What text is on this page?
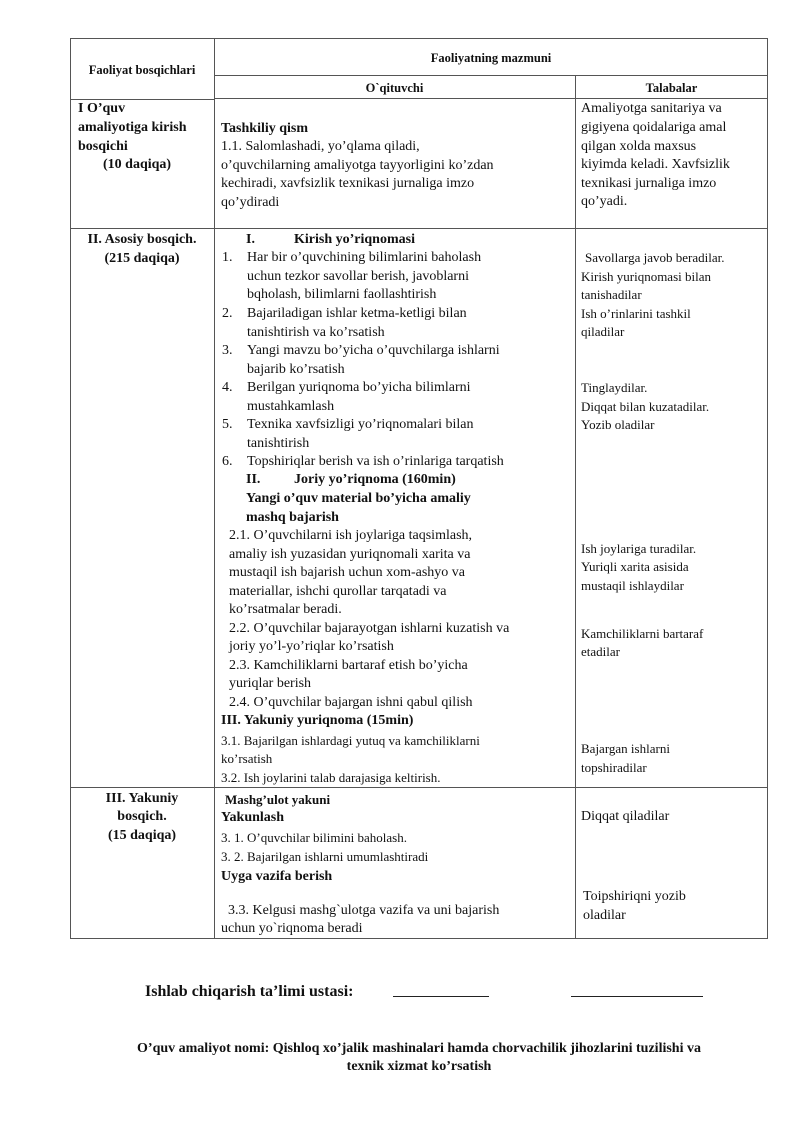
Faoliyat bosqichlari
Faoliyatning mazmuni
O`qituvchi	Talabalar
I O’quv
amaliyotiga kirish
bosqichi
(10 daqiqa)
Tashkiliy qism
1.1. Salomlashadi, yo’qlama qiladi,
o’quvchilarning amaliyotga tayyorligini ko’zdan
kechiradi, xavfsizlik texnikasi jurnaliga imzo
qo’ydiradi
Amaliyotga sanitariya va
gigiyena qoidalariga amal
qilgan xolda maxsus
kiyimda keladi. Xavfsizlik
texnikasi jurnaliga imzo
qo’yadi.
II. Asosiy bosqich.
(215 daqiqa)
I.	Kirish yo’riqnomasi
1. Har bir o’quvchining bilimlarini baholash
uchun tezkor savollar berish, javoblarni
bqholash, bilimlarni faollashtirish
2. Bajariladigan ishlar ketma-ketligi bilan
tanishtirish va ko’rsatish
3. Yangi mavzu bo’yicha o’quvchilarga ishlarni
bajarib ko’rsatish
4. Berilgan yuriqnoma bo’yicha bilimlarni
mustahkamlash
5. Texnika xavfsizligi yo’riqnomalari bilan
tanishtirish
6. Topshiriqlar berish va ish o’rinlariga tarqatish
II. Joriy yo’riqnoma (160min)
Yangi o’quv material bo’yicha amaliy
mashq bajarish
2.1. O’quvchilarni ish joylariga taqsimlash,
amaliy ish yuzasidan yuriqnomali xarita va
mustaqil ish bajarish uchun xom-ashyo va
materiallar, ishchi qurollar tarqatadi va
ko’rsatmalar beradi.
2.2. O’quvchilar bajarayotgan ishlarni kuzatish va
joriy yo’l-yo’riqlar ko’rsatish
2.3. Kamchiliklarni bartaraf etish bo’yicha
yuriqlar berish
2.4. O’quvchilar bajargan ishni qabul qilish
III. Yakuniy yuriqnoma (15min)
3.1. Bajarilgan ishlardagi yutuq va kamchiliklarni
ko’rsatish
3.2. Ish joylarini talab darajasiga keltirish.
Savollarga javob beradilar.
Kirish yuriqnomasi bilan
tanishadilar
Ish o’rinlarini tashkil
qiladilar
Tinglaydilar.
Diqqat bilan kuzatadilar.
Yozib oladilar
Ish joylariga turadilar.
Yuriqli xarita asisida
mustaqil ishlaydilar
Kamchiliklarni bartaraf
etadilar
Bajargan ishlarni
topshiradilar
III. Yakuniy
bosqich.
(15 daqiqa)
Mashg’ulot yakuni
Yakunlash
3. 1. O’quvchilar bilimini baholash.
3. 2. Bajarilgan ishlarni umumlashtiradi
Uyga vazifa berish
3.3. Kelgusi mashg`ulotga vazifa va uni bajarish
uchun yo`riqnoma beradi
Diqqat qiladilar
Toipshiriqni yozib
oladilar
Ishlab chiqarish ta’limi ustasi:
O’quv amaliyot nomi: Qishloq xo’jalik mashinalari hamda chorvachilik jihozlarini tuzilishi va
texnik xizmat ko’rsatish
